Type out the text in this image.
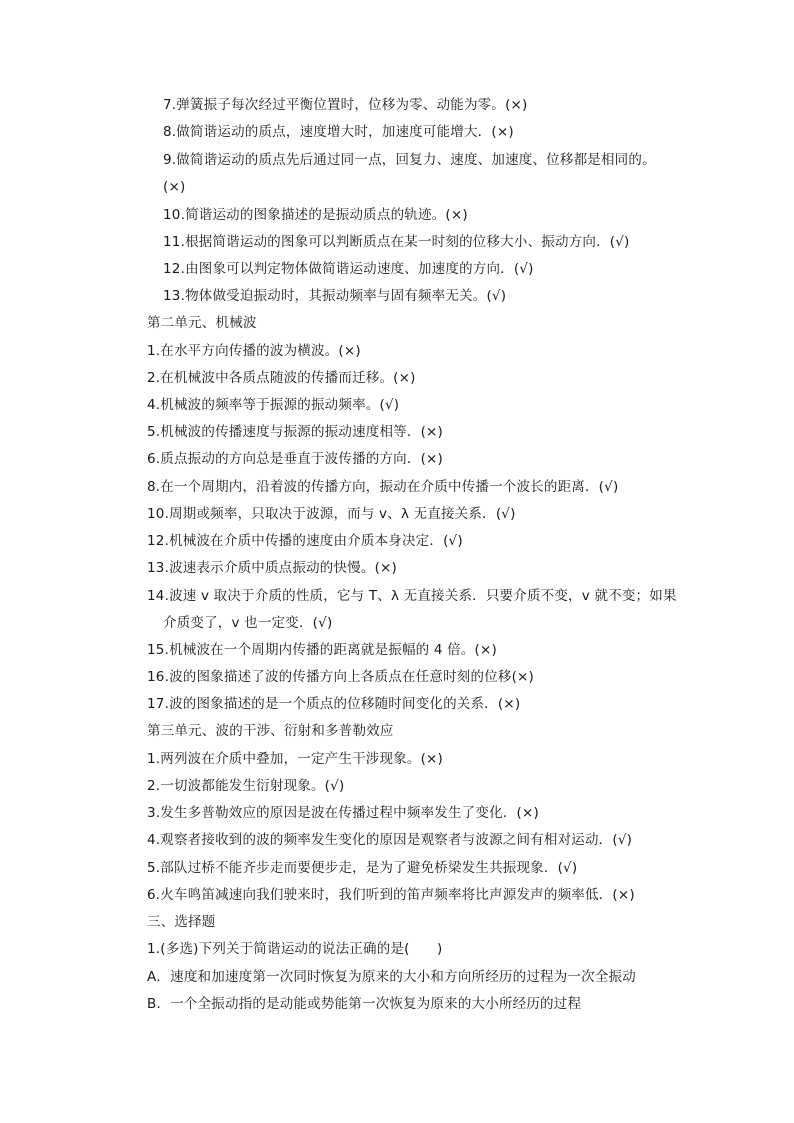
7.弹簧振子每次经过平衡位置时，位移为零、动能为零。(×)
8.做简谐运动的质点，速度增大时，加速度可能增大．(×)
9.做简谐运动的质点先后通过同一点，回复力、速度、加速度、位移都是相同的。
(×)
10.简谐运动的图象描述的是振动质点的轨迹。(×)
11.根据简谐运动的图象可以判断质点在某一时刻的位移大小、振动方向．(√)
12.由图象可以判定物体做简谐运动速度、加速度的方向．(√)
13.物体做受迫振动时，其振动频率与固有频率无关。(√)
第二单元、机械波
1.在水平方向传播的波为横波。(×)
2.在机械波中各质点随波的传播而迁移。(×)
4.机械波的频率等于振源的振动频率。(√)
5.机械波的传播速度与振源的振动速度相等．(×)
6.质点振动的方向总是垂直于波传播的方向．(×)
8.在一个周期内，沿着波的传播方向，振动在介质中传播一个波长的距离．(√)
10.周期或频率，只取决于波源，而与 v、λ 无直接关系．(√)
12.机械波在介质中传播的速度由介质本身决定．(√)
13.波速表示介质中质点振动的快慢。(×)
14.波速 v 取决于介质的性质，它与 T、λ 无直接关系．只要介质不变，v 就不变；如果
介质变了，v 也一定变．(√)
15.机械波在一个周期内传播的距离就是振幅的 4 倍。(×)
16.波的图象描述了波的传播方向上各质点在任意时刻的位移(×)
17.波的图象描述的是一个质点的位移随时间变化的关系．(×)
第三单元、波的干涉、衍射和多普勒效应
1.两列波在介质中叠加，一定产生干涉现象。(×)
2.一切波都能发生衍射现象。(√)
3.发生多普勒效应的原因是波在传播过程中频率发生了变化．(×)
4.观察者接收到的波的频率发生变化的原因是观察者与波源之间有相对运动．(√)
5.部队过桥不能齐步走而要便步走，是为了避免桥梁发生共振现象．(√)
6.火车鸣笛减速向我们驶来时，我们听到的笛声频率将比声源发声的频率低．(×)
三、选择题
1.(多选)下列关于简谐运动的说法正确的是(　　)
A．速度和加速度第一次同时恢复为原来的大小和方向所经历的过程为一次全振动
B．一个全振动指的是动能或势能第一次恢复为原来的大小所经历的过程
